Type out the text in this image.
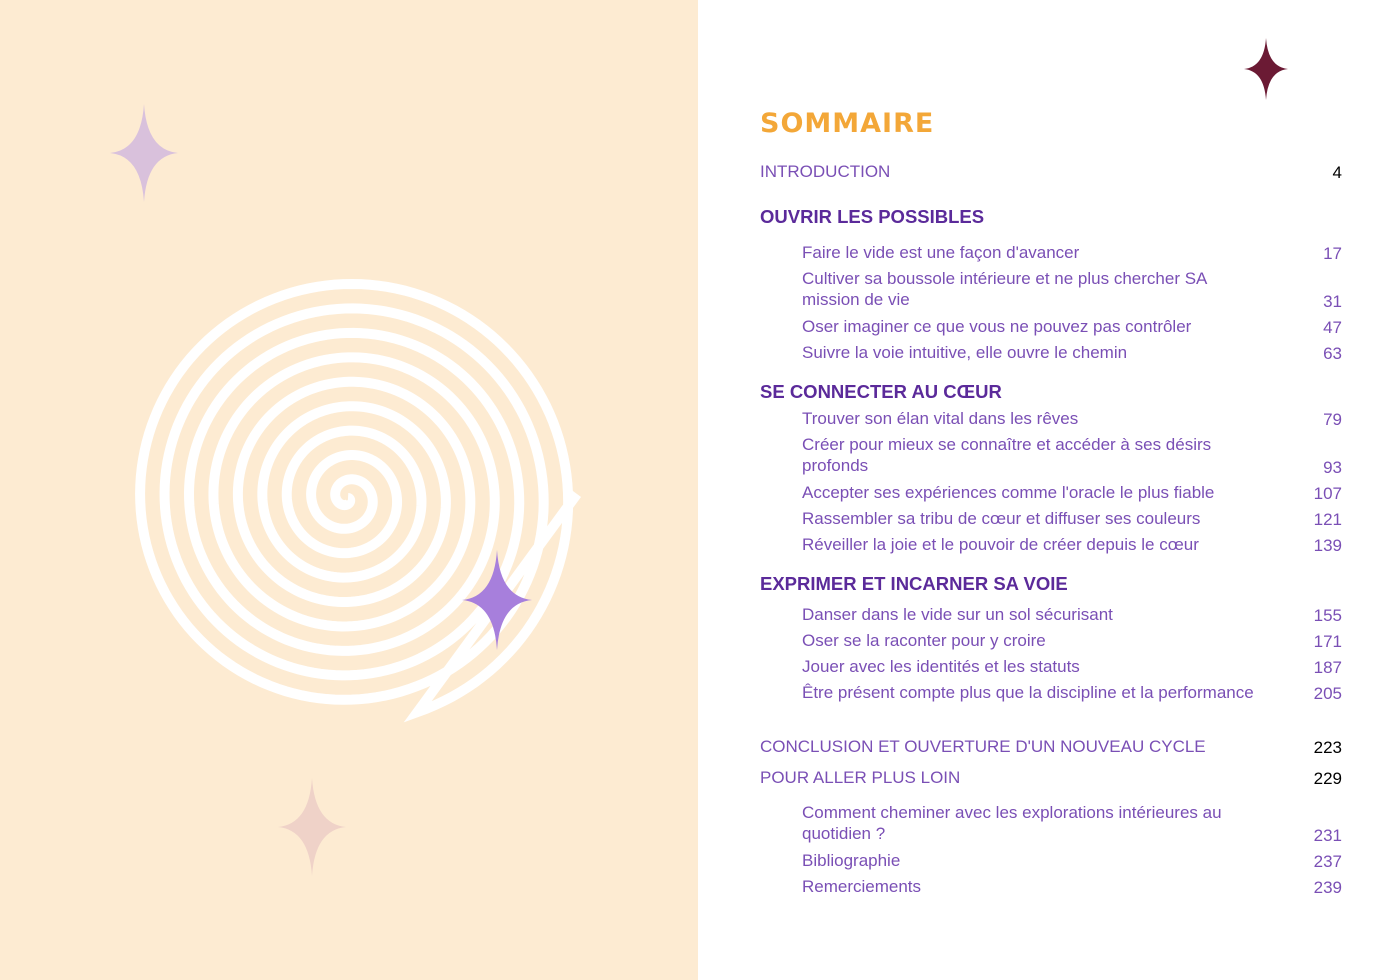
SOMMAIRE
INTRODUCTION	4
OUVRIR LES POSSIBLES
Faire le vide est une façon d'avancer	17
Cultiver sa boussole intérieure et ne plus chercher SA mission de vie	31
Oser imaginer ce que vous ne pouvez pas contrôler	47
Suivre la voie intuitive, elle ouvre le chemin	63
SE CONNECTER AU CŒUR
Trouver son élan vital dans les rêves	79
Créer pour mieux se connaître et accéder à ses désirs profonds	93
Accepter ses expériences comme l'oracle le plus fiable	107
Rassembler sa tribu de cœur et diffuser ses couleurs	121
Réveiller la joie et le pouvoir de créer depuis le cœur	139
EXPRIMER ET INCARNER SA VOIE
Danser dans le vide sur un sol sécurisant	155
Oser se la raconter pour y croire	171
Jouer avec les identités et les statuts	187
Être présent compte plus que la discipline et la performance	205
CONCLUSION ET OUVERTURE D'UN NOUVEAU CYCLE	223
POUR ALLER PLUS LOIN	229
Comment cheminer avec les explorations intérieures au quotidien ?	231
Bibliographie	237
Remerciements	239
